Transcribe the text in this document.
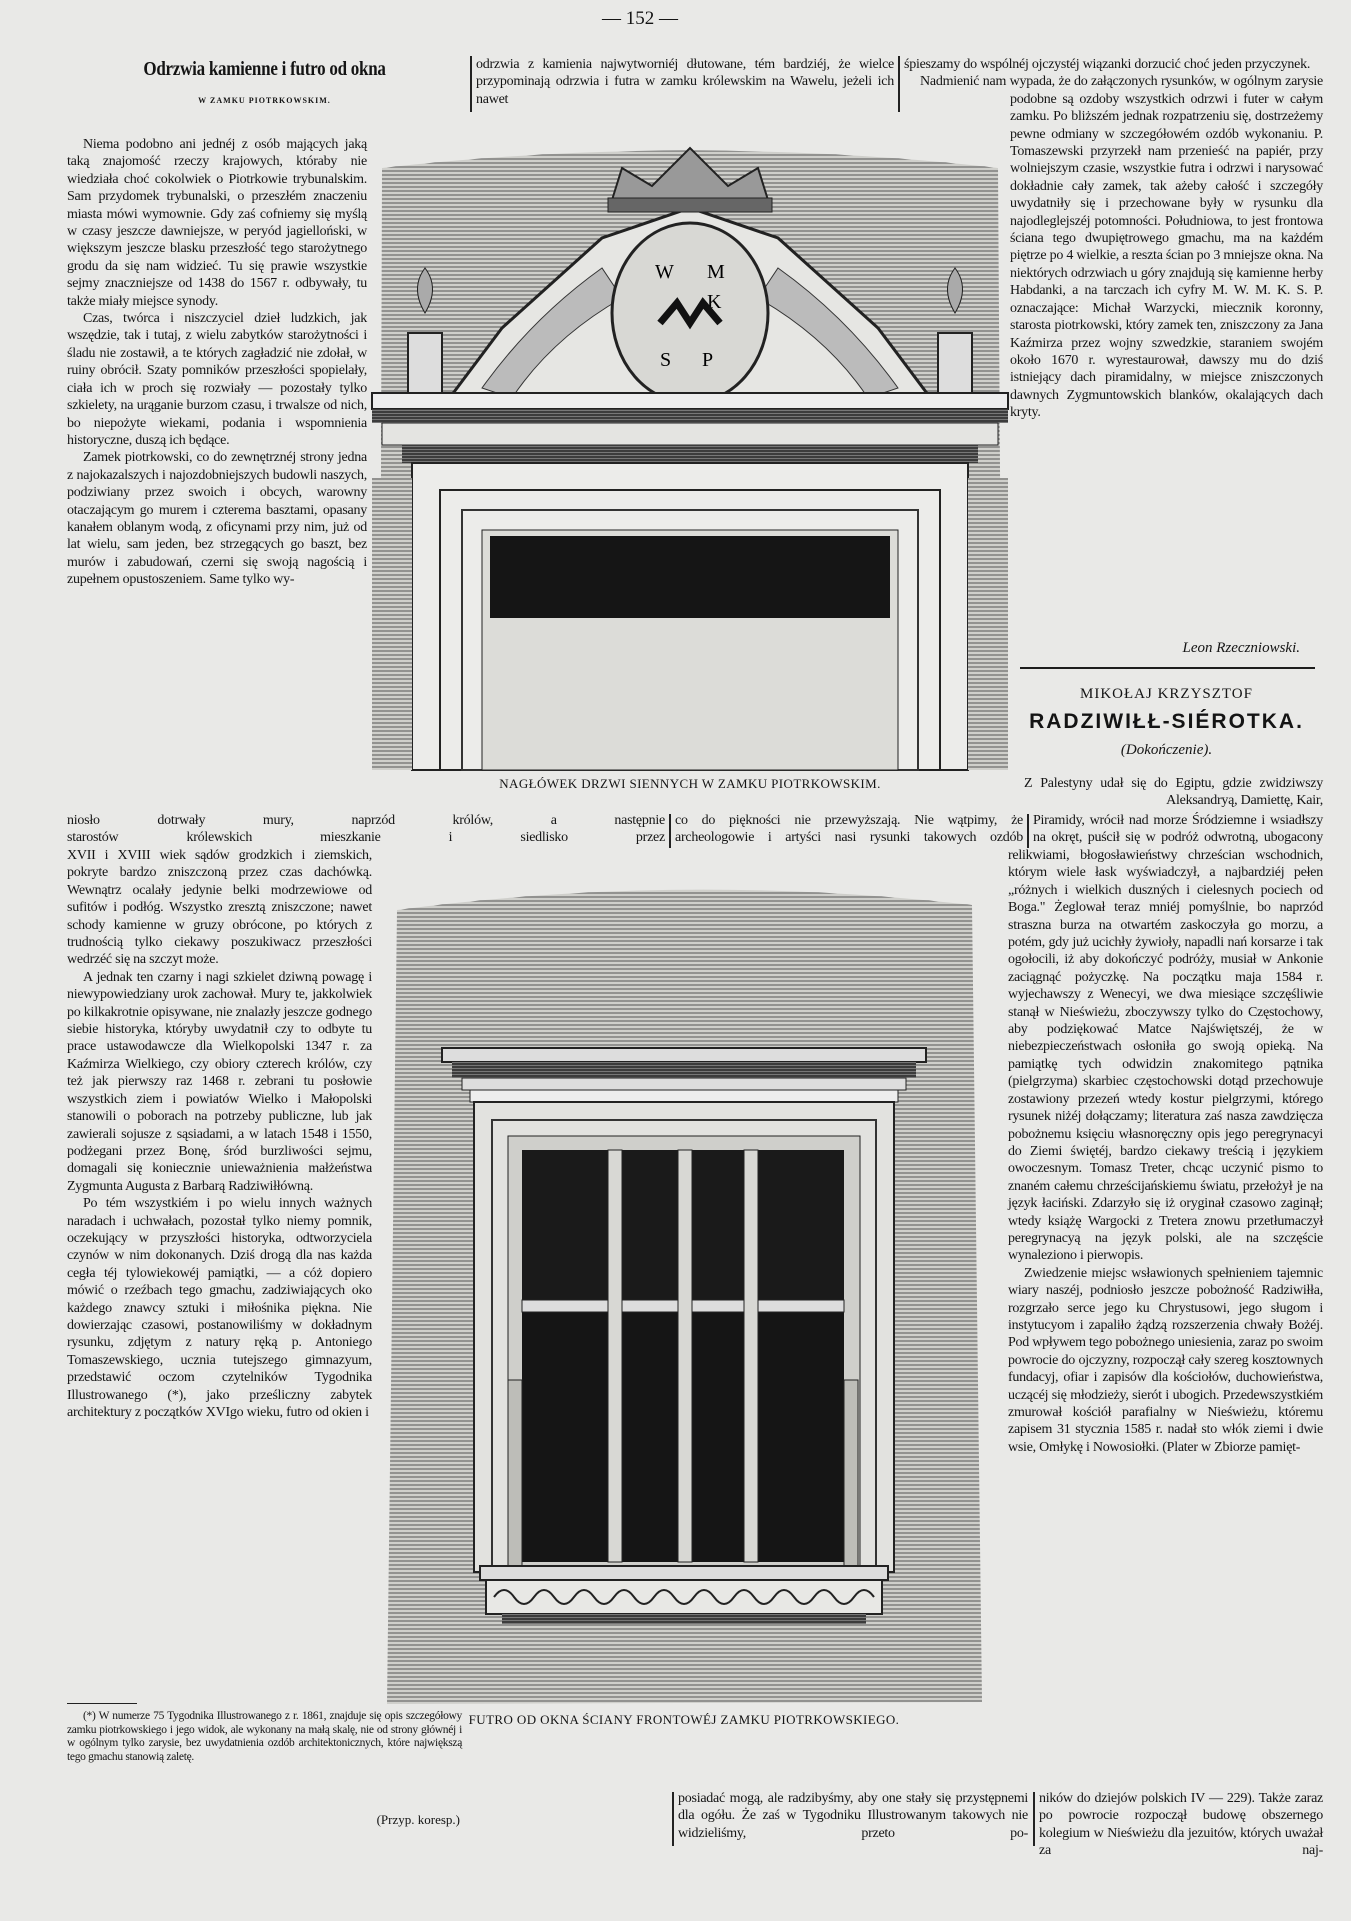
— 152 —
Odrzwia kamienne i futro od okna
W ZAMKU PIOTRKOWSKIM.

Niema podobno ani jednéj z osób mających jaką taką znajomość rzeczy krajowych, któraby nie wiedziała choć cokolwiek o Piotrkowie trybunalskim. Sam przydomek trybunalski, o przeszłém znaczeniu miasta mówi wymownie. Gdy zaś cofniemy się myślą w czasy jeszcze dawniejsze, w peryód jagielloński, w większym jeszcze blasku przeszłość tego starożytnego grodu da się nam widzieć. Tu się prawie wszystkie sejmy znaczniejsze od 1438 do 1567 r. odbywały, tu także miały miejsce synody.

Czas, twórca i niszczyciel dzieł ludzkich, jak wszędzie, tak i tutaj, z wielu zabytków starożytności i śladu nie zostawił, a te których zagładzić nie zdołał, w ruiny obrócił. Szaty pomników przeszłości spopielały, ciała ich w proch się rozwiały — pozostały tylko szkielety, na urąganie burzom czasu, i trwalsze od nich, bo niepożyte wiekami, podania i wspomnienia historyczne, duszą ich będące.

Zamek piotrkowski, co do zewnętrznéj strony jedna z najokazalszych i najozdobniejszych budowli naszych, podziwiany przez swoich i obcych, warowny otaczającym go murem i czterema basztami, opasany kanałem oblanym wodą, z oficynami przy nim, już od lat wielu, sam jeden, bez strzegących go baszt, bez murów i zabudowań, czerni się swoją nagością i zupełnem opustoszeniem. Same tylko wy-

odrzwia z kamienia najwytworniéj dłutowane, tém bardziéj, że wielce przypominają odrzwia i futra w zamku królewskim na Wawelu, jeżeli ich nawet

śpieszamy do wspólnéj ojczystéj wiązanki dorzucić choć jeden przyczynek.

Nadmienić nam wypada, że do załączonych rysunków, w ogólnym zarysie podobne są ozdoby wszystkich odrzwi i futer w całym zamku. Po bliższém jednak rozpatrzeniu się, dostrzeżemy pewne odmiany w szczegółowém ozdób wykonaniu. P. Tomaszewski przyrzekł nam przenieść na papiér, przy wolniejszym czasie, wszystkie futra i odrzwi i narysować dokładnie cały zamek, tak ażeby całość i szczegóły uwydatniły się i przechowane były w rysunku dla najodleglejszéj potomności. Południowa, to jest frontowa ściana tego dwupiętrowego gmachu, ma na każdém piętrze po 4 wielkie, a reszta ścian po 3 mniejsze okna. Na niektórych odrzwiach u góry znajdują się kamienne herby Habdanki, a na tarczach ich cyfry M. W. M. K. S. P. oznaczające: Michał Warzycki, miecznik koronny, starosta piotrkowski, który zamek ten, zniszczony za Jana Kaźmirza przez wojny szwedzkie, staraniem swojém około 1670 r. wyrestaurował, dawszy mu do dziś istniejący dach piramidalny, w miejsce zniszczonych dawnych Zygmuntowskich blanków, okalających dach kryty.

Leon Rzeczniowski.
MIKOŁAJ KRZYSZTOF
RADZIWIŁŁ-SIÉROTKA.
(Dokończenie).

Z Palestyny udał się do Egiptu, gdzie zwidziwszy Aleksandryą, Damiettę, Kair,

W M
K
S P
NAGŁÓWEK DRZWI SIENNYCH W ZAMKU PIOTRKOWSKIM.
niosło dotrwały mury, naprzód królów, a następnie
starostów królewskich mieszkanie i siedlisko przez
co do piękności nie przewyższają. Nie wątpimy, że
archeologowie i artyści nasi rysunki takowych ozdób
Piramidy, wrócił nad morze Śródziemne i wsiadłszy
na okręt, puścił się w podróż odwrotną, ubogacony

XVII i XVIII wiek sądów grodzkich i ziemskich, pokryte bardzo zniszczoną przez czas dachówką. Wewnątrz ocalały jedynie belki modrzewiowe od sufitów i podłóg. Wszystko zresztą zniszczone; nawet schody kamienne w gruzy obrócone, po których z trudnością tylko ciekawy poszukiwacz przeszłości wedrzéć się na szczyt może.

A jednak ten czarny i nagi szkielet dziwną powagę i niewypowiedziany urok zachował. Mury te, jakkolwiek po kilkakrotnie opisywane, nie znalazły jeszcze godnego siebie historyka, któryby uwydatnił czy to odbyte tu prace ustawodawcze dla Wielkopolski 1347 r. za Kaźmirza Wielkiego, czy obiory czterech królów, czy też jak pierwszy raz 1468 r. zebrani tu posłowie wszystkich ziem i powiatów Wielko i Małopolski stanowili o poborach na potrzeby publiczne, lub jak zawierali sojusze z sąsiadami, a w latach 1548 i 1550, podżegani przez Bonę, śród burzliwości sejmu, domagali się koniecznie unieważnienia małżeństwa Zygmunta Augusta z Barbarą Radziwiłłówną.

Po tém wszystkiém i po wielu innych ważnych naradach i uchwałach, pozostał tylko niemy pomnik, oczekujący w przyszłości historyka, odtworzyciela czynów w nim dokonanych. Dziś drogą dla nas każda cegła téj tylowiekowéj pamiątki, — a cóż dopiero mówić o rzeźbach tego gmachu, zadziwiających oko każdego znawcy sztuki i miłośnika piękna. Nie dowierzając czasowi, postanowiliśmy w dokładnym rysunku, zdjętym z natury ręką p. Antoniego Tomaszewskiego, ucznia tutejszego gimnazyum, przedstawić oczom czytelników Tygodnika Illustrowanego (*), jako prześliczny zabytek architektury z początków XVIgo wieku, futro od okien i

(*) W numerze 75 Tygodnika Illustrowanego z r. 1861, znajduje się opis szczegółowy zamku piotrkowskiego i jego widok, ale wykonany na małą skalę, nie od strony głównéj i w ogólnym tylko zarysie, bez uwydatnienia ozdób architektonicznych, które największą tego gmachu stanowią zaletę.
(Przyp. koresp.)
FUTRO OD OKNA ŚCIANY FRONTOWÉJ ZAMKU PIOTRKOWSKIEGO.

relikwiami, błogosławieństwy chrześcian wschodnich, którym wiele łask wyświadczył, a najbardziéj pełen „różnych i wielkich duszných i cielesnych pociech od Boga." Żeglował teraz mniéj pomyślnie, bo naprzód straszna burza na otwartém zaskoczyła go morzu, a potém, gdy już ucichły żywioły, napadli nań korsarze i tak ogołocili, iż aby dokończyć podróży, musiał w Ankonie zaciągnąć pożyczkę. Na początku maja 1584 r. wyjechawszy z Wenecyi, we dwa miesiące szczęśliwie stanął w Nieświeżu, zboczywszy tylko do Częstochowy, aby podziękować Matce Najświętszéj, że w niebezpieczeństwach osłoniła go swoją opieką. Na pamiątkę tych odwidzin znakomitego pątnika (pielgrzyma) skarbiec częstochowski dotąd przechowuje zostawiony przezeń wtedy kostur pielgrzymi, którego rysunek niżéj dołączamy; literatura zaś nasza zawdzięcza pobożnemu księciu własnoręczny opis jego peregrynacyi do Ziemi świętéj, bardzo ciekawy treścią i językiem owoczesnym. Tomasz Treter, chcąc uczynić pismo to znaném całemu chrześcijańskiemu światu, przełożył je na język łaciński. Zdarzyło się iż oryginał czasowo zaginął; wtedy książę Wargocki z Tretera znowu przetłumaczył peregrynacyą na język polski, ale na szczęście wynaleziono i pierwopis.

Zwiedzenie miejsc wsławionych spełnieniem tajemnic wiary naszéj, podniosło jeszcze pobożność Radziwiłła, rozgrzało serce jego ku Chrystusowi, jego sługom i instytucyom i zapaliło żądzą rozszerzenia chwały Bożéj. Pod wpływem tego pobożnego uniesienia, zaraz po swoim powrocie do ojczyzny, rozpoczął cały szereg kosztownych fundacyj, ofiar i zapisów dla kościołów, duchowieństwa, uczącéj się młodzieży, sierót i ubogich. Przedewszystkiém zmurował kościół parafialny w Nieświeżu, któremu zapisem 31 stycznia 1585 r. nadał sto włók ziemi i dwie wsie, Omłykę i Nowosiołki. (Plater w Zbiorze pamięt-

posiadać mogą, ale radzibyśmy, aby one stały się przystępnemi dla ogółu. Że zaś w Tygodniku Illustrowanym takowych nie widzieliśmy, przeto po-
ników do dziejów polskich IV — 229). Także zaraz po powrocie rozpoczął budowę obszernego kolegium w Nieświeżu dla jezuitów, których uważał za naj-
